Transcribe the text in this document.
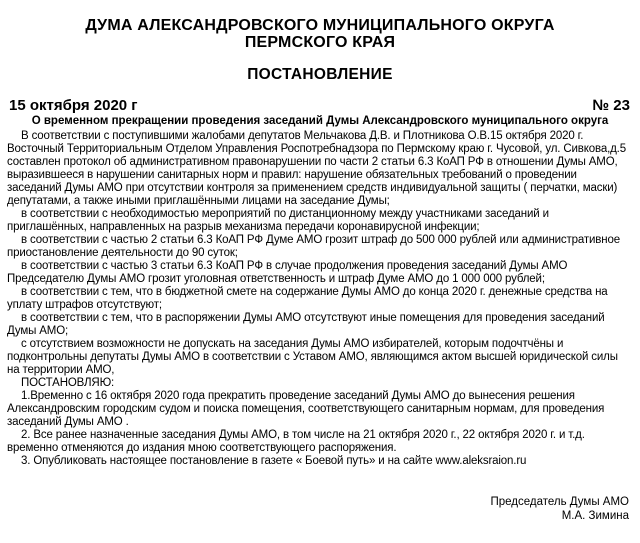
ДУМА АЛЕКСАНДРОВСКОГО МУНИЦИПАЛЬНОГО ОКРУГА
ПЕРМСКОГО КРАЯ
ПОСТАНОВЛЕНИЕ
15 октября 2020 г	№ 23
О временном прекращении проведения заседаний Думы Александровского муниципального округа

В соответствии с поступившими жалобами депутатов Мельчакова Д.В. и Плотникова О.В.15 октября 2020 г. Восточный Территориальным Отделом Управления Роспотребнадзора по Пермскому краю г. Чусовой, ул. Сивкова,д.5 составлен протокол об административном правонарушении по части 2 статьи 6.3 КоАП РФ в отношении Думы АМО, выразившееся в нарушении санитарных норм и правил: нарушение обязательных требований о проведении заседаний Думы АМО при отсутствии контроля за применением средств индивидуальной защиты ( перчатки, маски) депутатами, а также иными приглашёнными лицами на заседание Думы;

в соответствии с необходимостью мероприятий по дистанционному между участниками заседаний и приглашённых, направленных на разрыв механизма передачи коронавирусной инфекции;

в соответствии с частью 2 статьи 6.3 КоАП РФ Думе АМО грозит штраф до 500 000 рублей или административное приостановление деятельности до 90 суток;

в соответствии с частью 3 статьи 6.3 КоАП РФ в случае продолжения проведения заседаний Думы АМО Председателю Думы АМО грозит уголовная ответственность и штраф Думе АМО до 1 000 000 рублей;

в соответствии с тем, что в бюджетной смете на содержание Думы АМО до конца 2020 г. денежные средства на уплату штрафов отсутствуют;

в соответствии с тем, что в распоряжении Думы АМО отсутствуют иные помещения для проведения заседаний Думы АМО;

с отсутствием возможности не допускать на заседания Думы АМО избирателей, которым подочтчёны и подконтрольны депутаты Думы АМО в соответствии с Уставом АМО, являющимся актом высшей юридической силы на территории АМО,

ПОСТАНОВЛЯЮ:

1.Временно с 16 октября 2020 года прекратить проведение заседаний Думы АМО до вынесения решения Александровским городским судом и поиска помещения, соответствующего санитарным нормам, для проведения заседаний Думы АМО .

2. Все ранее назначенные заседания Думы АМО, в том числе на 21 октября 2020 г., 22 октября 2020 г. и т.д. временно отменяются до издания мною соответствующего распоряжения.

3. Опубликовать настоящее постановление в газете « Боевой путь» и на сайте www.aleksraion.ru

Председатель Думы АМО
М.А. Зимина
